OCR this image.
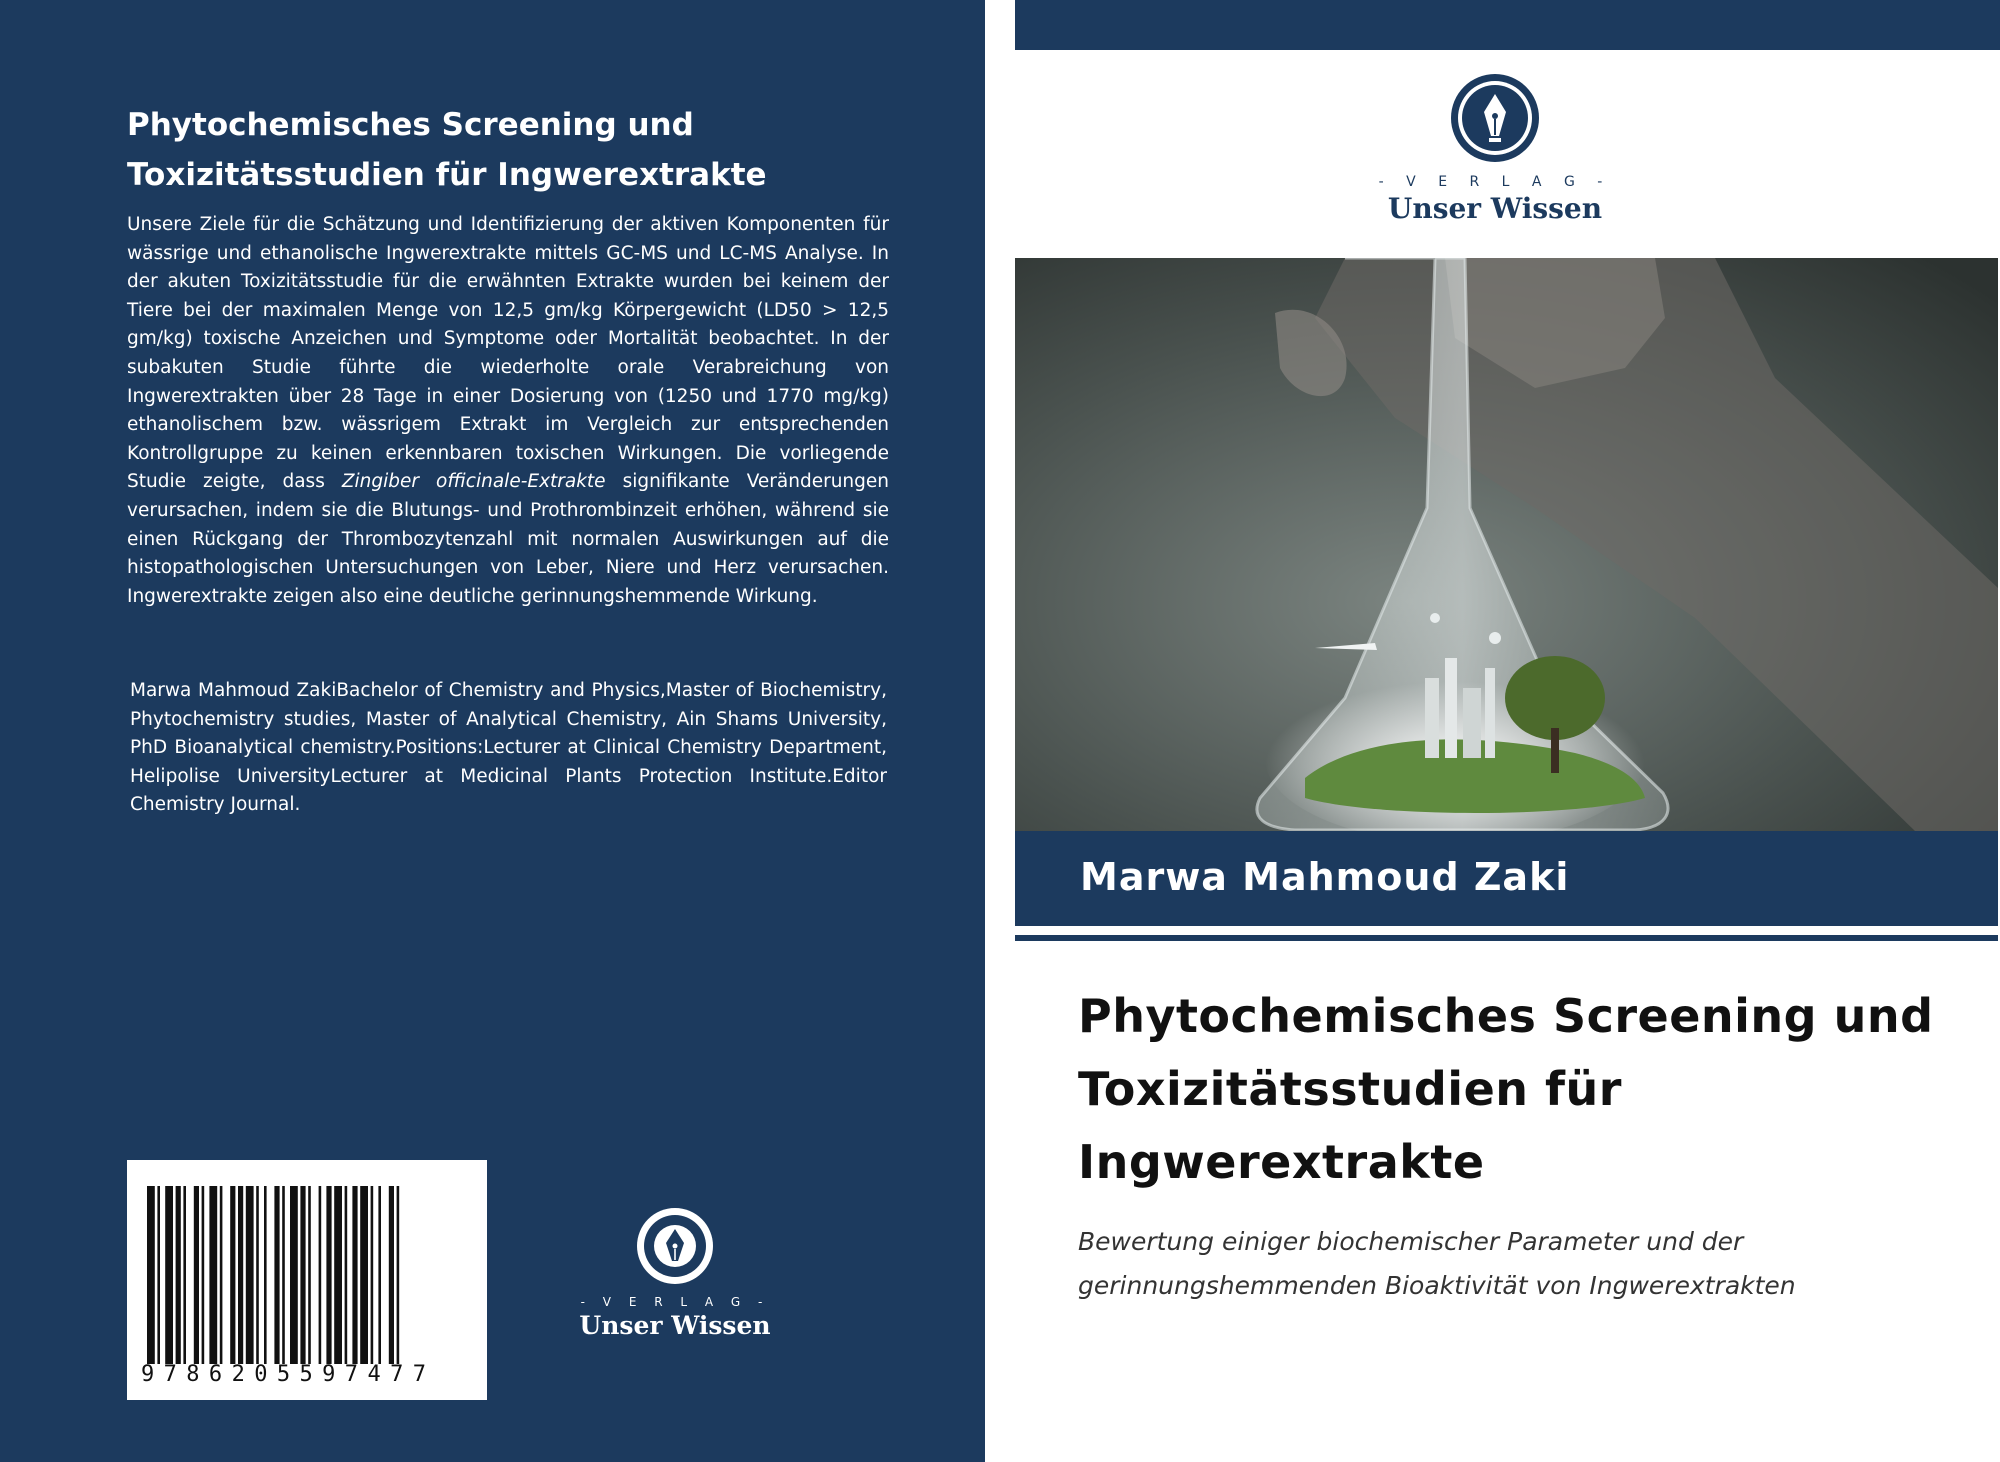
Phytochemisches Screening und Toxizitätsstudien für Ingwerextrakte
Unsere Ziele für die Schätzung und Identifizierung der aktiven Komponenten für wässrige und ethanolische Ingwerextrakte mittels GC-MS und LC-MS Analyse. In der akuten Toxizitätsstudie für die erwähnten Extrakte wurden bei keinem der Tiere bei der maximalen Menge von 12,5 gm/kg Körpergewicht (LD50 > 12,5 gm/kg) toxische Anzeichen und Symptome oder Mortalität beobachtet. In der subakuten Studie führte die wiederholte orale Verabreichung von Ingwerextrakten über 28 Tage in einer Dosierung von (1250 und 1770 mg/kg) ethanolischem bzw. wässrigem Extrakt im Vergleich zur entsprechenden Kontrollgruppe zu keinen erkennbaren toxischen Wirkungen. Die vorliegende Studie zeigte, dass Zingiber officinale-Extrakte signifikante Veränderungen verursachen, indem sie die Blutungs- und Prothrombinzeit erhöhen, während sie einen Rückgang der Thrombozytenzahl mit normalen Auswirkungen auf die histopathologischen Untersuchungen von Leber, Niere und Herz verursachen. Ingwerextrakte zeigen also eine deutliche gerinnungshemmende Wirkung.
Marwa Mahmoud ZakiBachelor of Chemistry and Physics,Master of Biochemistry, Phytochemistry studies, Master of Analytical Chemistry, Ain Shams University, PhD Bioanalytical chemistry.Positions:Lecturer at Clinical Chemistry Department, Helipolise UniversityLecturer at Medicinal Plants Protection Institute.Editor Chemistry Journal.
9786205597477
- V E R L A G -
Unser Wissen
- V E R L A G -
Unser Wissen
Marwa Mahmoud Zaki
Phytochemisches Screening und Toxizitätsstudien für Ingwerextrakte
Bewertung einiger biochemischer Parameter und der gerinnungshemmenden Bioaktivität von Ingwerextrakten
